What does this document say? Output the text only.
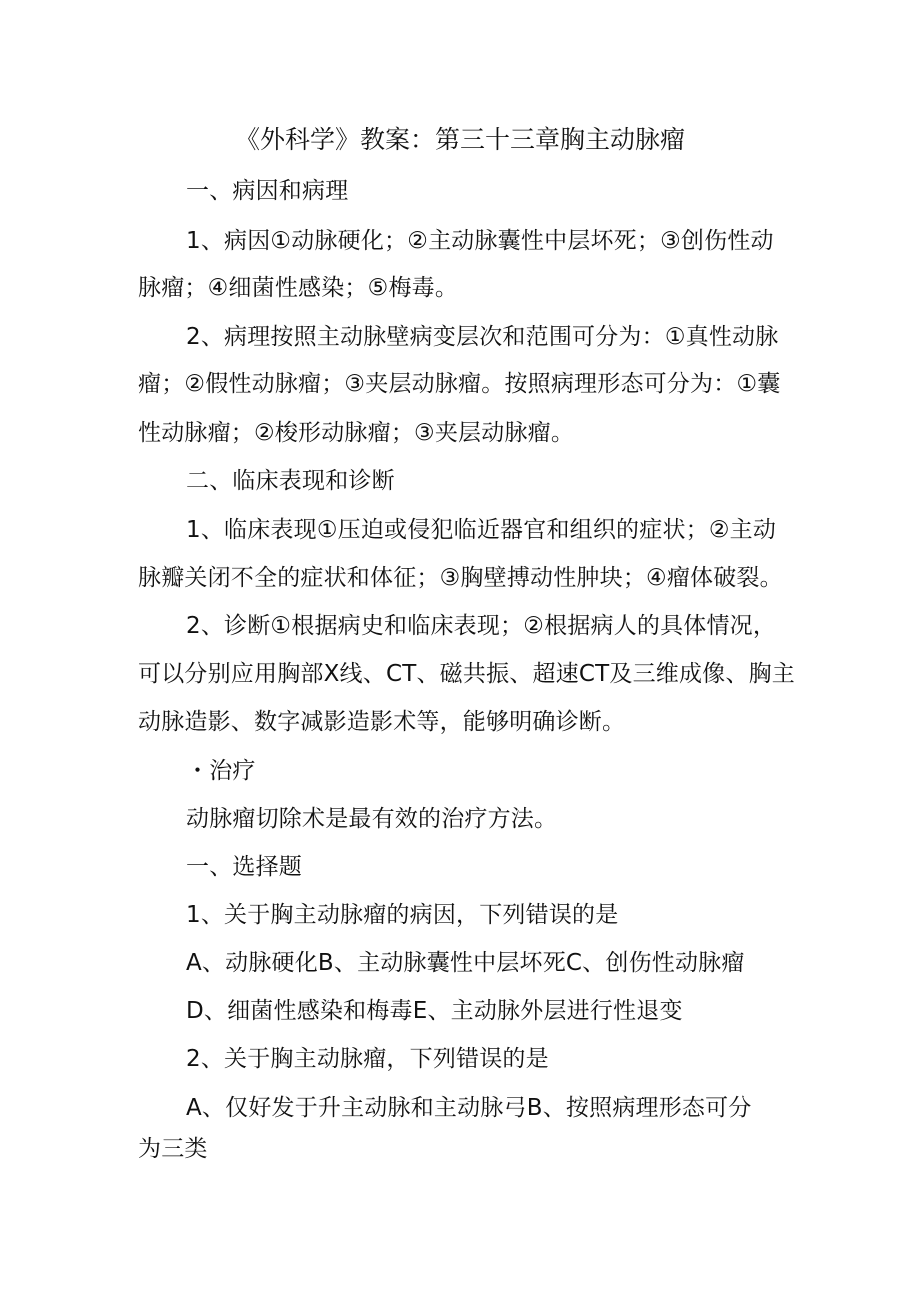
《外科学》教案：第三十三章胸主动脉瘤
一、病因和病理
1、病因①动脉硬化；②主动脉囊性中层坏死；③创伤性动
脉瘤；④细菌性感染；⑤梅毒。
2、病理按照主动脉壁病变层次和范围可分为：①真性动脉
瘤；②假性动脉瘤；③夹层动脉瘤。按照病理形态可分为：①囊
性动脉瘤；②梭形动脉瘤；③夹层动脉瘤。
二、临床表现和诊断
1、临床表现①压迫或侵犯临近器官和组织的症状；②主动
脉瓣关闭不全的症状和体征；③胸壁搏动性肿块；④瘤体破裂。
2、诊断①根据病史和临床表现；②根据病人的具体情况，
可以分别应用胸部X线、CT、磁共振、超速CT及三维成像、胸主
动脉造影、数字减影造影术等，能够明确诊断。
・治疗
动脉瘤切除术是最有效的治疗方法。
一、选择题
1、关于胸主动脉瘤的病因，下列错误的是
A、动脉硬化B、主动脉囊性中层坏死C、创伤性动脉瘤
D、细菌性感染和梅毒E、主动脉外层进行性退变
2、关于胸主动脉瘤，下列错误的是
A、仅好发于升主动脉和主动脉弓B、按照病理形态可分
为三类
